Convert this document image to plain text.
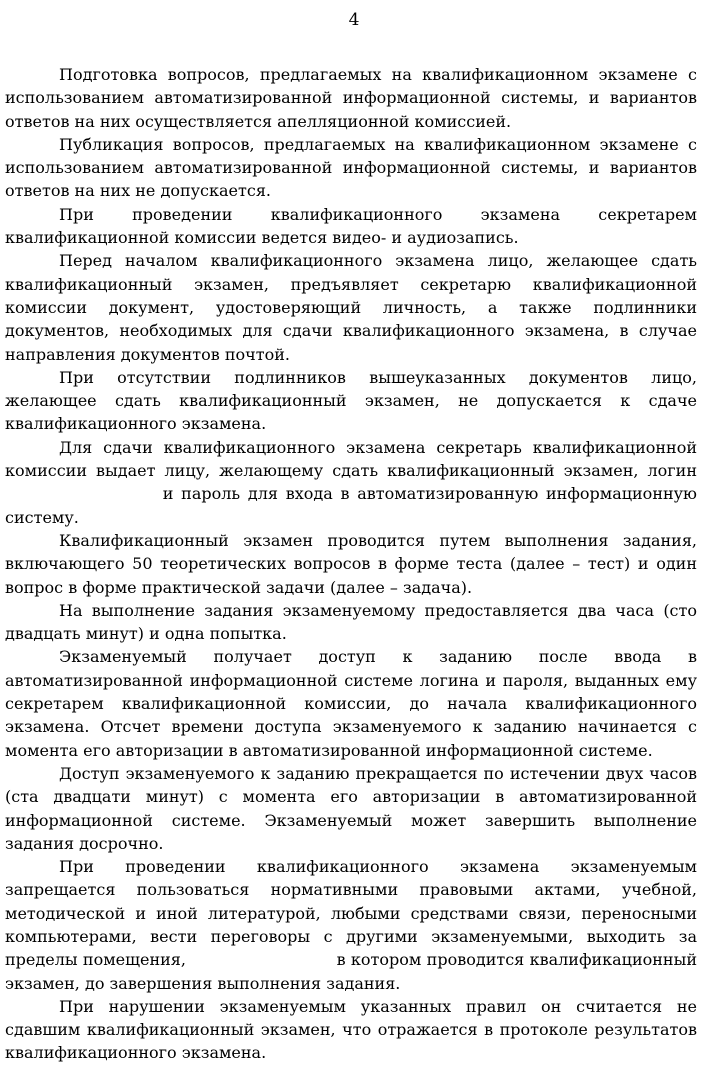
4

Подготовка вопросов, предлагаемых на квалификационном экзамене с использованием автоматизированной информационной системы, и вариантов ответов на них осуществляется апелляционной комиссией.

Публикация вопросов, предлагаемых на квалификационном экзамене с использованием автоматизированной информационной системы, и вариантов ответов на них не допускается.

При проведении квалификационного экзамена секретарем квалификационной комиссии ведется видео- и аудиозапись.

Перед началом квалификационного экзамена лицо, желающее сдать квалификационный экзамен, предъявляет секретарю квалификационной комиссии документ, удостоверяющий личность, а также подлинники документов, необходимых для сдачи квалификационного экзамена, в случае направления документов почтой.

При отсутствии подлинников вышеуказанных документов лицо, желающее сдать квалификационный экзамен, не допускается к сдаче квалификационного экзамена.

Для сдачи квалификационного экзамена секретарь квалификационной комиссии выдает лицу, желающему сдать квалификационный экзамен, логин  и пароль для входа в автоматизированную информационную систему.

Квалификационный экзамен проводится путем выполнения задания, включающего 50 теоретических вопросов в форме теста (далее – тест) и один вопрос в форме практической задачи (далее – задача).

На выполнение задания экзаменуемому предоставляется два часа (сто двадцать минут) и одна попытка.

Экзаменуемый получает доступ к заданию после ввода в автоматизированной информационной системе логина и пароля, выданных ему секретарем квалификационной комиссии, до начала квалификационного экзамена. Отсчет времени доступа экзаменуемого к заданию начинается с момента его авторизации в автоматизированной информационной системе.

Доступ экзаменуемого к заданию прекращается по истечении двух часов (ста двадцати минут) с момента его авторизации в автоматизированной информационной системе. Экзаменуемый может завершить выполнение задания досрочно.

При проведении квалификационного экзамена экзаменуемым запрещается пользоваться нормативными правовыми актами, учебной, методической и иной литературой, любыми средствами связи, переносными компьютерами, вести переговоры с другими экзаменуемыми, выходить за пределы помещения,	в котором проводится квалификационный экзамен, до завершения выполнения задания.

При нарушении экзаменуемым указанных правил он считается не сдавшим квалификационный экзамен, что отражается в протоколе результатов квалификационного экзамена.
